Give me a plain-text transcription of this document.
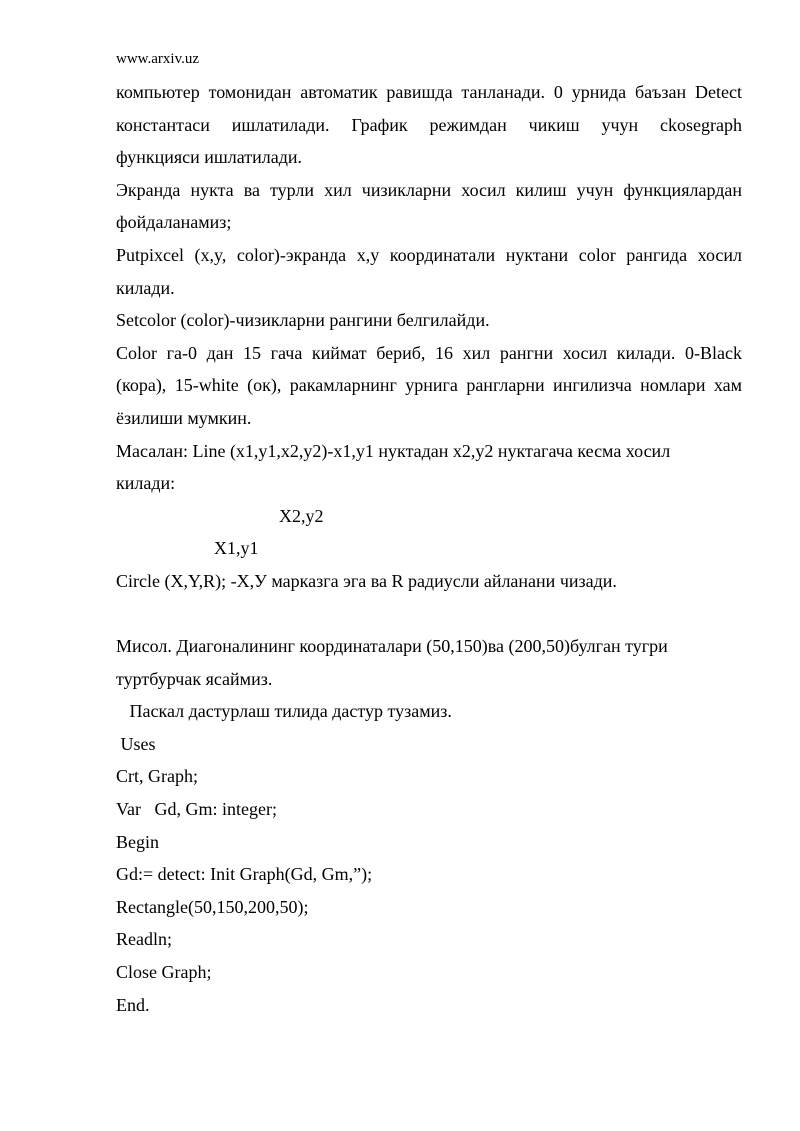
www.arxiv.uz
компьютер томонидан автоматик равишда танланади. 0 урнида баъзан Detect
константаси ишлатилади. График режимдан чикиш учун ckosegraph
функцияси ишлатилади.
Экранда нукта ва турли хил чизикларни хосил килиш учун функциялардан
фойдаланамиз;
Putpixcel (x,y, color)-экранда x,у координатали нуктани color рангида хосил
килади.
Setcolor (color)-чизикларни рангини белгилайди.
Color га-0 дан 15 гача киймат бериб, 16 хил рангни хосил килади. 0-Black
(кора), 15-white (ок), ракамларнинг урнига рангларни ингилизча номлари хам
ёзилиши мумкин.
Масалан: Line (x1,y1,x2,y2)-x1,y1 нуктадан x2,y2 нуктагача кесма хосил
килади:
X2,y2
X1,y1
Circle (X,Y,R); -X,У марказга эга ва R радиусли айланани чизади.
Мисол. Диагоналининг координаталари (50,150)ва (200,50)булган тугри
туртбурчак ясаймиз.
Паскал дастурлаш тилида дастур тузамиз.
Uses
Crt, Graph;
Var   Gd, Gm: integer;
Begin
Gd:= detect: Init Graph(Gd, Gm,”);
Rectangle(50,150,200,50);
Readln;
Close Graph;
End.
